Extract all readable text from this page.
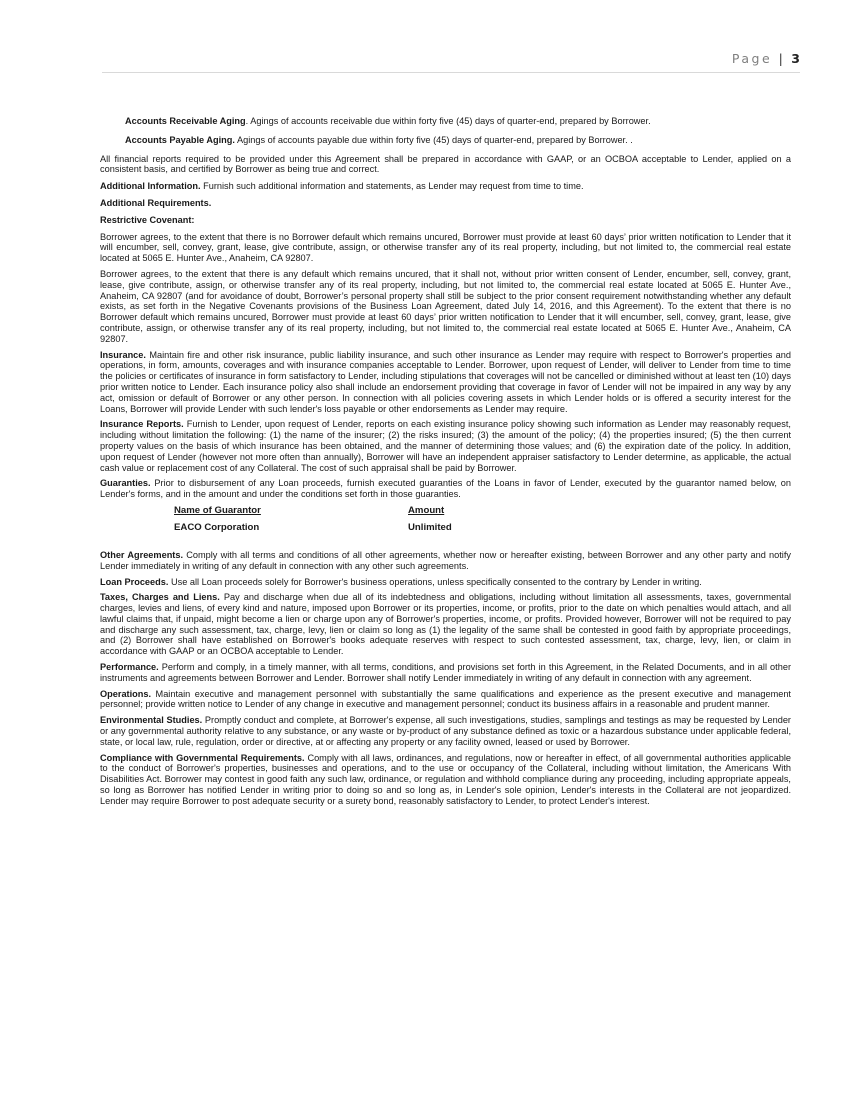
Page | 3

Accounts Receivable Aging. Agings of accounts receivable due within forty five (45) days of quarter-end, prepared by Borrower.

Accounts Payable Aging. Agings of accounts payable due within forty five (45) days of quarter-end, prepared by Borrower. .

All financial reports required to be provided under this Agreement shall be prepared in accordance with GAAP, or an OCBOA acceptable to Lender, applied on a consistent basis, and certified by Borrower as being true and correct.

Additional Information. Furnish such additional information and statements, as Lender may request from time to time.

Additional Requirements.

Restrictive Covenant:

Borrower agrees, to the extent that there is no Borrower default which remains uncured, Borrower must provide at least 60 days’ prior written notification to Lender that it will encumber, sell, convey, grant, lease, give contribute, assign, or otherwise transfer any of its real property, including, but not limited to, the commercial real estate located at 5065 E. Hunter Ave., Anaheim, CA 92807.

Borrower agrees, to the extent that there is any default which remains uncured, that it shall not, without prior written consent of Lender, encumber, sell, convey, grant, lease, give contribute, assign, or otherwise transfer any of its real property, including, but not limited to, the commercial real estate located at 5065 E. Hunter Ave., Anaheim, CA 92807 (and for avoidance of doubt, Borrower’s personal property shall still be subject to the prior consent requirement notwithstanding whether any default exists, as set forth in the Negative Covenants provisions of the Business Loan Agreement, dated July 14, 2016, and this Agreement). To the extent that there is no Borrower default which remains uncured, Borrower must provide at least 60 days’ prior written notification to Lender that it will encumber, sell, convey, grant, lease, give contribute, assign, or otherwise transfer any of its real property, including, but not limited to, the commercial real estate located at 5065 E. Hunter Ave., Anaheim, CA 92807.

Insurance. Maintain fire and other risk insurance, public liability insurance, and such other insurance as Lender may require with respect to Borrower's properties and operations, in form, amounts, coverages and with insurance companies acceptable to Lender. Borrower, upon request of Lender, will deliver to Lender from time to time the policies or certificates of insurance in form satisfactory to Lender, including stipulations that coverages will not be cancelled or diminished without at least ten (10) days prior written notice to Lender. Each insurance policy also shall include an endorsement providing that coverage in favor of Lender will not be impaired in any way by any act, omission or default of Borrower or any other person. In connection with all policies covering assets in which Lender holds or is offered a security interest for the Loans, Borrower will provide Lender with such lender's loss payable or other endorsements as Lender may require.

Insurance Reports. Furnish to Lender, upon request of Lender, reports on each existing insurance policy showing such information as Lender may reasonably request, including without limitation the following: (1) the name of the insurer; (2) the risks insured; (3) the amount of the policy; (4) the properties insured; (5) the then current property values on the basis of which insurance has been obtained, and the manner of determining those values; and (6) the expiration date of the policy. In addition, upon request of Lender (however not more often than annually), Borrower will have an independent appraiser satisfactory to Lender determine, as applicable, the actual cash value or replacement cost of any Collateral. The cost of such appraisal shall be paid by Borrower.

Guaranties. Prior to disbursement of any Loan proceeds, furnish executed guaranties of the Loans in favor of Lender, executed by the guarantor named below, on Lender's forms, and in the amount and under the conditions set forth in those guaranties.

Name of Guarantor	Amount
EACO Corporation	Unlimited

Other Agreements. Comply with all terms and conditions of all other agreements, whether now or hereafter existing, between Borrower and any other party and notify Lender immediately in writing of any default in connection with any other such agreements.

Loan Proceeds. Use all Loan proceeds solely for Borrower's business operations, unless specifically consented to the contrary by Lender in writing.

Taxes, Charges and Liens. Pay and discharge when due all of its indebtedness and obligations, including without limitation all assessments, taxes, governmental charges, levies and liens, of every kind and nature, imposed upon Borrower or its properties, income, or profits, prior to the date on which penalties would attach, and all lawful claims that, if unpaid, might become a lien or charge upon any of Borrower's properties, income, or profits. Provided however, Borrower will not be required to pay and discharge any such assessment, tax, charge, levy, lien or claim so long as (1) the legality of the same shall be contested in good faith by appropriate proceedings, and (2) Borrower shall have established on Borrower's books adequate reserves with respect to such contested assessment, tax, charge, levy, lien, or claim in accordance with GAAP or an OCBOA acceptable to Lender.

Performance. Perform and comply, in a timely manner, with all terms, conditions, and provisions set forth in this Agreement, in the Related Documents, and in all other instruments and agreements between Borrower and Lender. Borrower shall notify Lender immediately in writing of any default in connection with any agreement.

Operations. Maintain executive and management personnel with substantially the same qualifications and experience as the present executive and management personnel; provide written notice to Lender of any change in executive and management personnel; conduct its business affairs in a reasonable and prudent manner.

Environmental Studies. Promptly conduct and complete, at Borrower's expense, all such investigations, studies, samplings and testings as may be requested by Lender or any governmental authority relative to any substance, or any waste or by-product of any substance defined as toxic or a hazardous substance under applicable federal, state, or local law, rule, regulation, order or directive, at or affecting any property or any facility owned, leased or used by Borrower.

Compliance with Governmental Requirements. Comply with all laws, ordinances, and regulations, now or hereafter in effect, of all governmental authorities applicable to the conduct of Borrower's properties, businesses and operations, and to the use or occupancy of the Collateral, including without limitation, the Americans With Disabilities Act. Borrower may contest in good faith any such law, ordinance, or regulation and withhold compliance during any proceeding, including appropriate appeals, so long as Borrower has notified Lender in writing prior to doing so and so long as, in Lender's sole opinion, Lender's interests in the Collateral are not jeopardized. Lender may require Borrower to post adequate security or a surety bond, reasonably satisfactory to Lender, to protect Lender's interest.
